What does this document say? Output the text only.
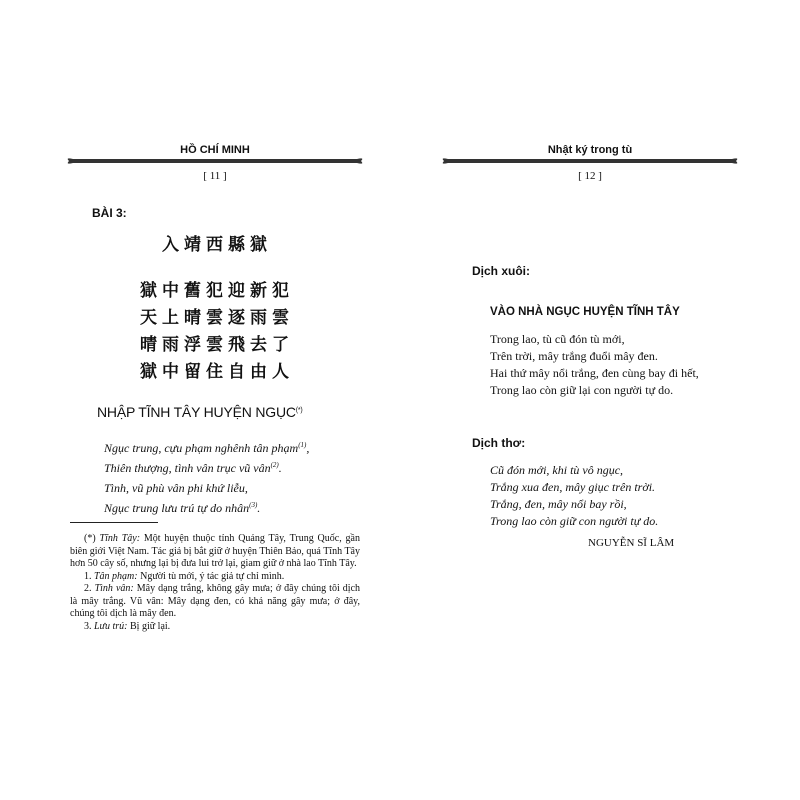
HỒ CHÍ MINH
[ 11 ]
BÀI 3:
入靖西縣獄
獄中舊犯迎新犯
天上晴雲逐雨雲
晴雨浮雲飛去了
獄中留住自由人
NHẬP TĨNH TÂY HUYỆN NGỤC(*)
Ngục trung, cựu phạm nghênh tân phạm$^{(1)}$,
Thiên thượng, tình vân trục vũ vân$^{(2)}$.
Tình, vũ phù vân phi khứ liễu,
Ngục trung lưu trú tự do nhân$^{(3)}$.

(*) Tĩnh Tây: Một huyện thuộc tỉnh Quảng Tây, Trung Quốc, gần biên giới Việt Nam. Tác giả bị bắt giữ ở huyện Thiên Bảo, quá Tĩnh Tây hơn 50 cây số, nhưng lại bị đưa lui trở lại, giam giữ ở nhà lao Tĩnh Tây.

1. Tân phạm: Người tù mới, ý tác giả tự chỉ mình.

2. Tình vân: Mây dạng trắng, không gây mưa; ở đây chúng tôi dịch là mây trắng. Vũ vân: Mây dạng đen, có khả năng gây mưa; ở đây, chúng tôi dịch là mây đen.

3. Lưu trú: Bị giữ lại.

Nhật ký trong tù
[ 12 ]
Dịch xuôi:
VÀO NHÀ NGỤC HUYỆN TĨNH TÂY
Trong lao, tù cũ đón tù mới,
Trên trời, mây trắng đuổi mây đen.
Hai thứ mây nổi trắng, đen cùng bay đi hết,
Trong lao còn giữ lại con người tự do.
Dịch thơ:
Cũ đón mới, khi tù vô ngục,
Trắng xua đen, mây giục trên trời.
Trắng, đen, mây nổi bay rồi,
Trong lao còn giữ con người tự do.
NGUYỄN SĨ LÂM
